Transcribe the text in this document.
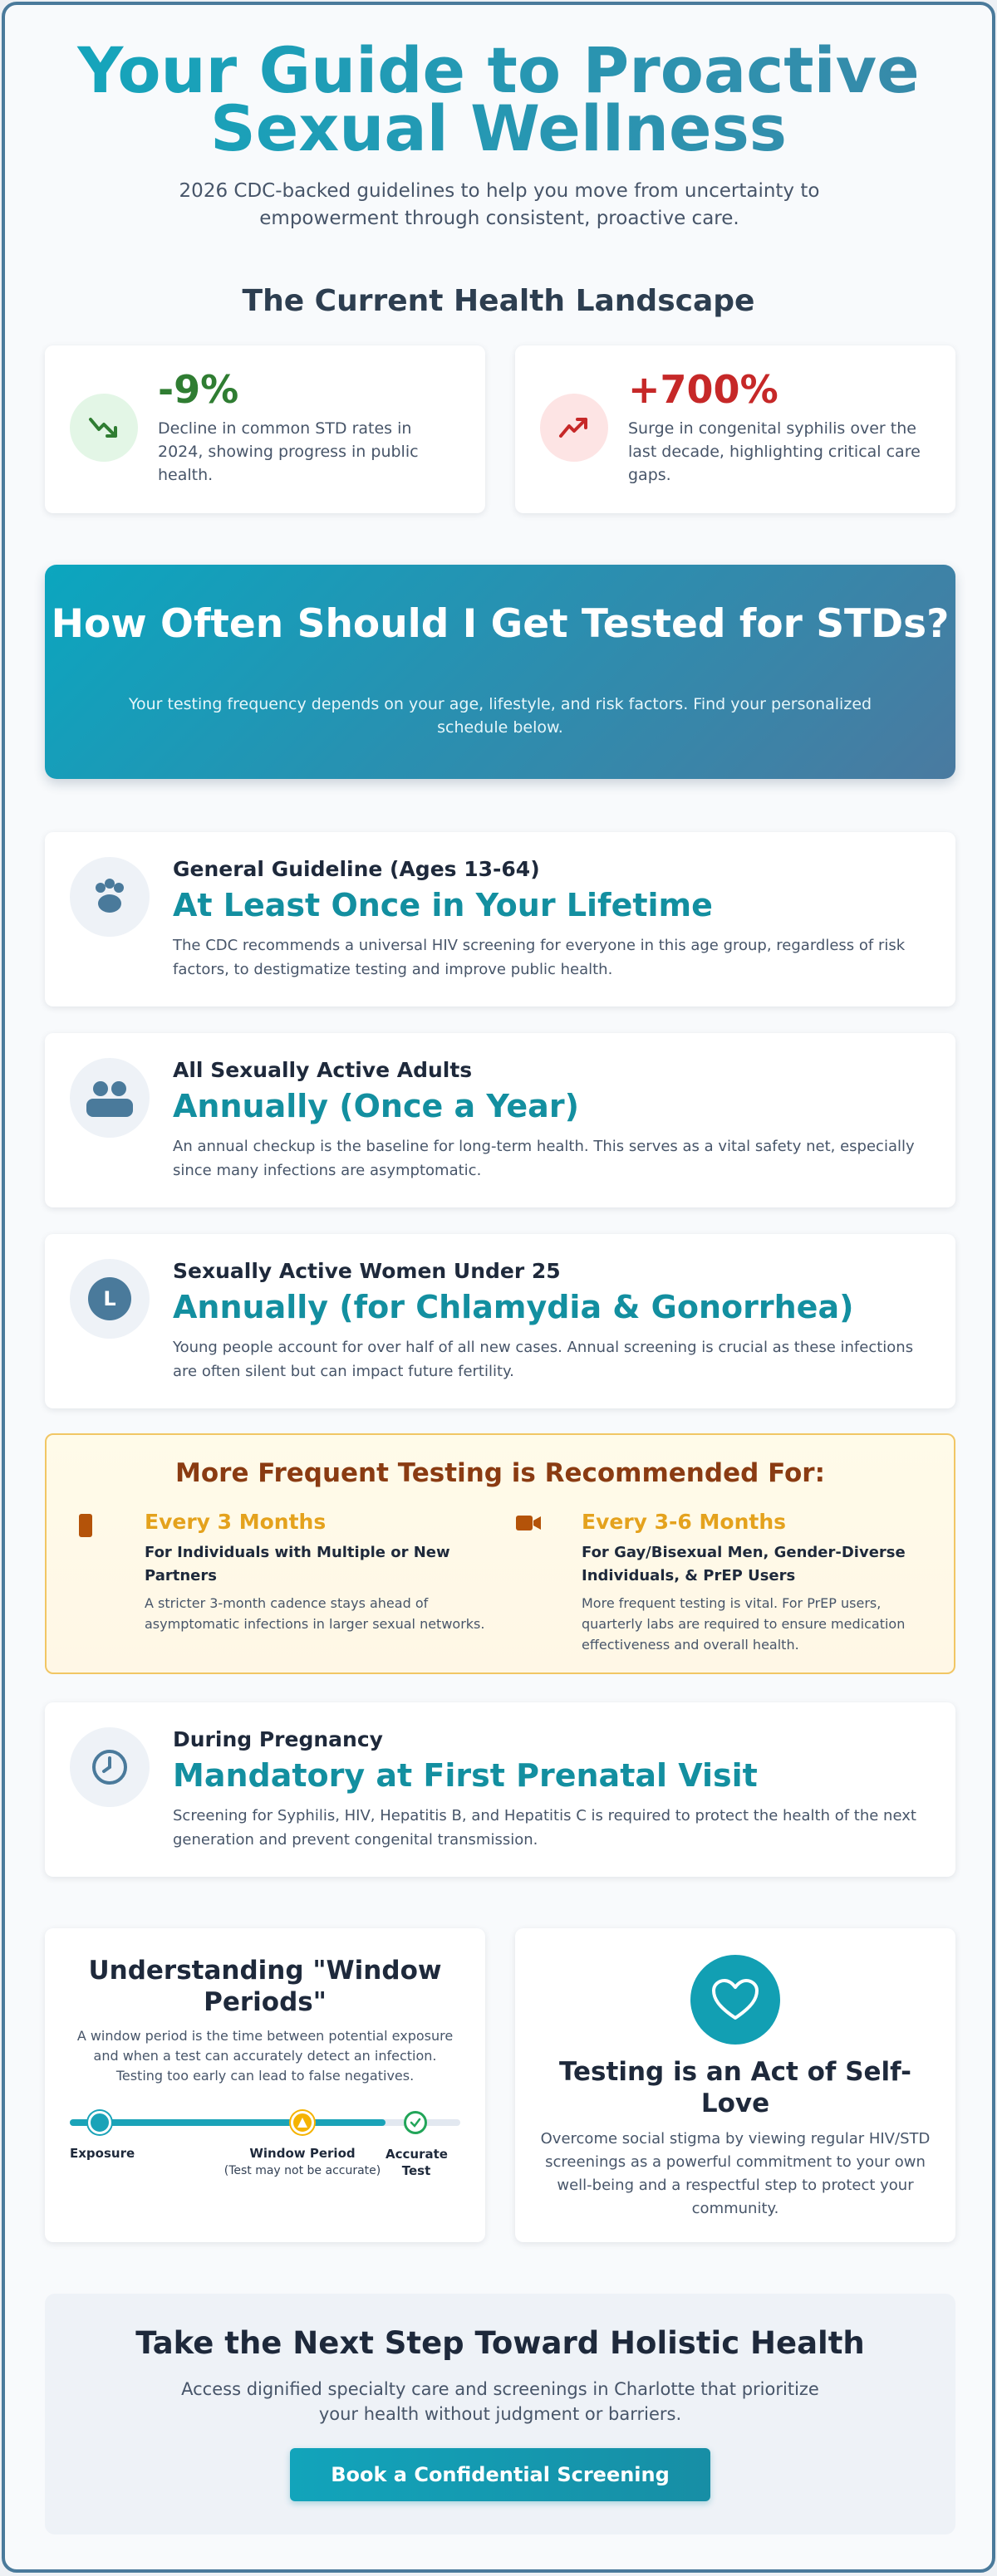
Your Guide to Proactive Sexual Wellness

2026 CDC-backed guidelines to help you move from uncertainty to empowerment through consistent, proactive care.

The Current Health Landscape
-9%
Decline in common STD rates in 2024, showing progress in public health.
+700%
Surge in congenital syphilis over the last decade, highlighting critical care gaps.
How Often Should I Get Tested for STDs?

Your testing frequency depends on your age, lifestyle, and risk factors. Find your personalized schedule below.

General Guideline (Ages 13-64)
At Least Once in Your Lifetime

The CDC recommends a universal HIV screening for everyone in this age group, regardless of risk factors, to destigmatize testing and improve public health.

All Sexually Active Adults
Annually (Once a Year)

An annual checkup is the baseline for long-term health. This serves as a vital safety net, especially since many infections are asymptomatic.

L
Sexually Active Women Under 25
Annually (for Chlamydia & Gonorrhea)

Young people account for over half of all new cases. Annual screening is crucial as these infections are often silent but can impact future fertility.

More Frequent Testing is Recommended For:
Every 3 Months
For Individuals with Multiple or New Partners
A stricter 3-month cadence stays ahead of asymptomatic infections in larger sexual networks.
Every 3-6 Months
For Gay/Bisexual Men, Gender-Diverse Individuals, & PrEP Users
More frequent testing is vital. For PrEP users, quarterly labs are required to ensure medication effectiveness and overall health.
During Pregnancy
Mandatory at First Prenatal Visit

Screening for Syphilis, HIV, Hepatitis B, and Hepatitis C is required to protect the health of the next generation and prevent congenital transmission.

Understanding "Window Periods"

A window period is the time between potential exposure and when a test can accurately detect an infection. Testing too early can lead to false negatives.

Exposure	Window Period
(Test may not be accurate)
Accurate Test
Testing is an Act of Self-Love

Overcome social stigma by viewing regular HIV/STD screenings as a powerful commitment to your own well-being and a respectful step to protect your community.

Take the Next Step Toward Holistic Health

Access dignified specialty care and screenings in Charlotte that prioritize your health without judgment or barriers.

Book a Confidential Screening
